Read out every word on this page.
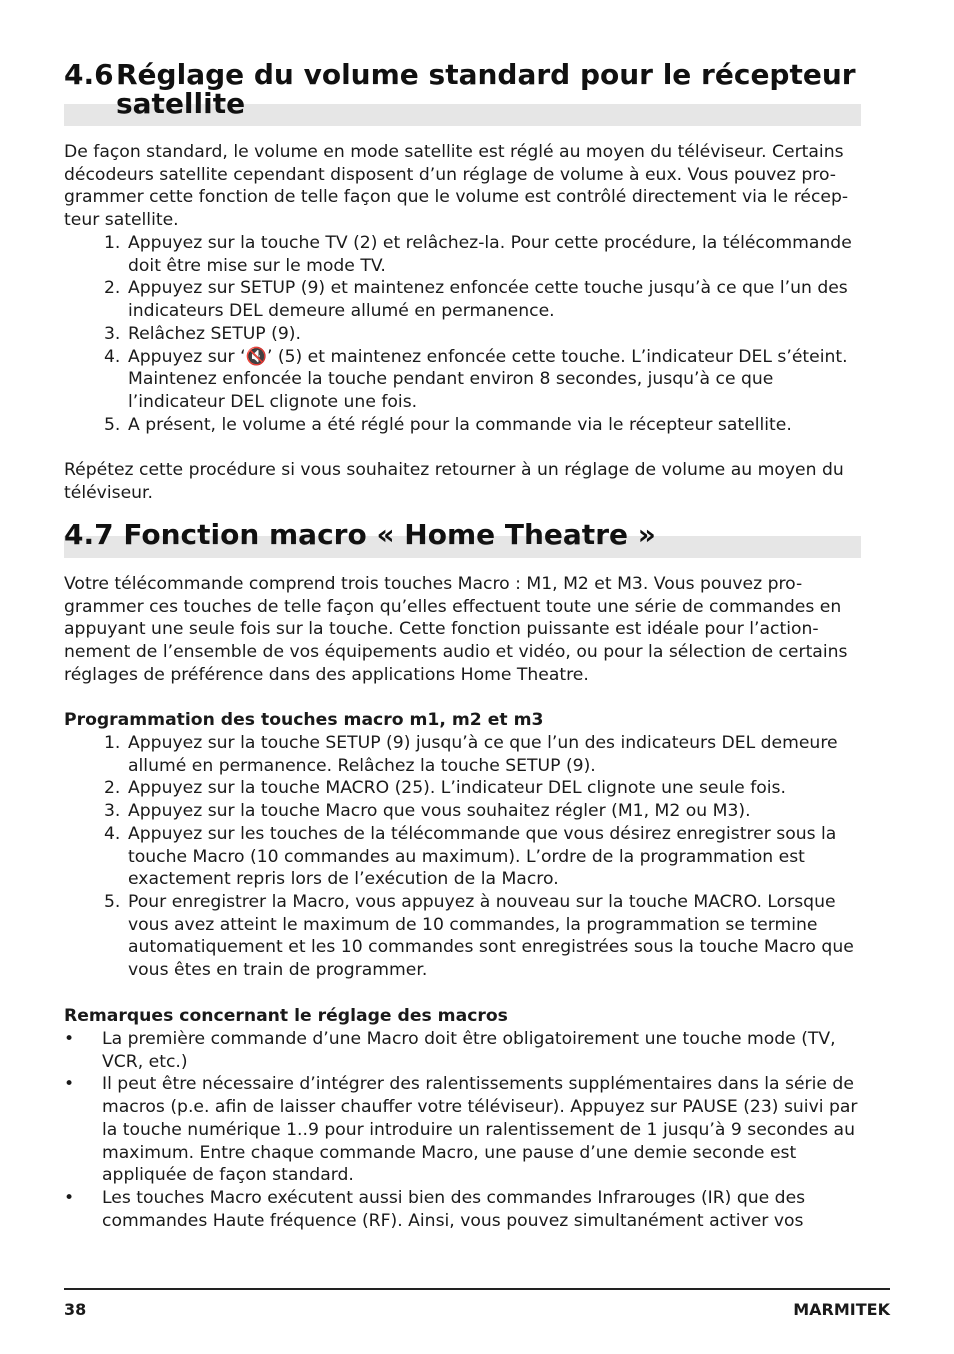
4.6 Réglage du volume standard pour le récepteur satellite

De façon standard, le volume en mode satellite est réglé au moyen du téléviseur. Certains décodeurs satellite cependant disposent d’un réglage de volume à eux. Vous pouvez pro-grammer cette fonction de telle façon que le volume est contrôlé directement via le récep-teur satellite.

1. Appuyez sur la touche TV (2) et relâchez-la. Pour cette procédure, la télécommande doit être mise sur le mode TV.
2. Appuyez sur SETUP (9) et maintenez enfoncée cette touche jusqu’à ce que l’un des indicateurs DEL demeure allumé en permanence.
3. Relâchez SETUP (9).
4. Appuyez sur ‘🔇’ (5) et maintenez enfoncée cette touche. L’indicateur DEL s’éteint. Maintenez enfoncée la touche pendant environ 8 secondes, jusqu’à ce que l’indicateur DEL clignote une fois.
5. A présent, le volume a été réglé pour la commande via le récepteur satellite.

Répétez cette procédure si vous souhaitez retourner à un réglage de volume au moyen du téléviseur.

4.7 Fonction macro « Home Theatre »

Votre télécommande comprend trois touches Macro : M1, M2 et M3. Vous pouvez pro-grammer ces touches de telle façon qu’elles effectuent toute une série de commandes en appuyant une seule fois sur la touche. Cette fonction puissante est idéale pour l’action-nement de l’ensemble de vos équipements audio et vidéo, ou pour la sélection de certains réglages de préférence dans des applications Home Theatre.

Programmation des touches macro m1, m2 et m3

1. Appuyez sur la touche SETUP (9) jusqu’à ce que l’un des indicateurs DEL demeure allumé en permanence. Relâchez la touche SETUP (9).
2. Appuyez sur la touche MACRO (25). L’indicateur DEL clignote une seule fois.
3. Appuyez sur la touche Macro que vous souhaitez régler (M1, M2 ou M3).
4. Appuyez sur les touches de la télécommande que vous désirez enregistrer sous la touche Macro (10 commandes au maximum). L’ordre de la programmation est exactement repris lors de l’exécution de la Macro.
5. Pour enregistrer la Macro, vous appuyez à nouveau sur la touche MACRO. Lorsque vous avez atteint le maximum de 10 commandes, la programmation se termine automatiquement et les 10 commandes sont enregistrées sous la touche Macro que vous êtes en train de programmer.

Remarques concernant le réglage des macros

•	La première commande d’une Macro doit être obligatoirement une touche mode (TV, VCR, etc.)
•	Il peut être nécessaire d’intégrer des ralentissements supplémentaires dans la série de macros (p.e. afin de laisser chauffer votre téléviseur). Appuyez sur PAUSE (23) suivi par la touche numérique 1..9 pour introduire un ralentissement de 1 jusqu’à 9 secondes au maximum. Entre chaque commande Macro, une pause d’une demie seconde est appliquée de façon standard.
•	Les touches Macro exécutent aussi bien des commandes Infrarouges (IR) que des commandes Haute fréquence (RF). Ainsi, vous pouvez simultanément activer vos
38	MARMITEK
